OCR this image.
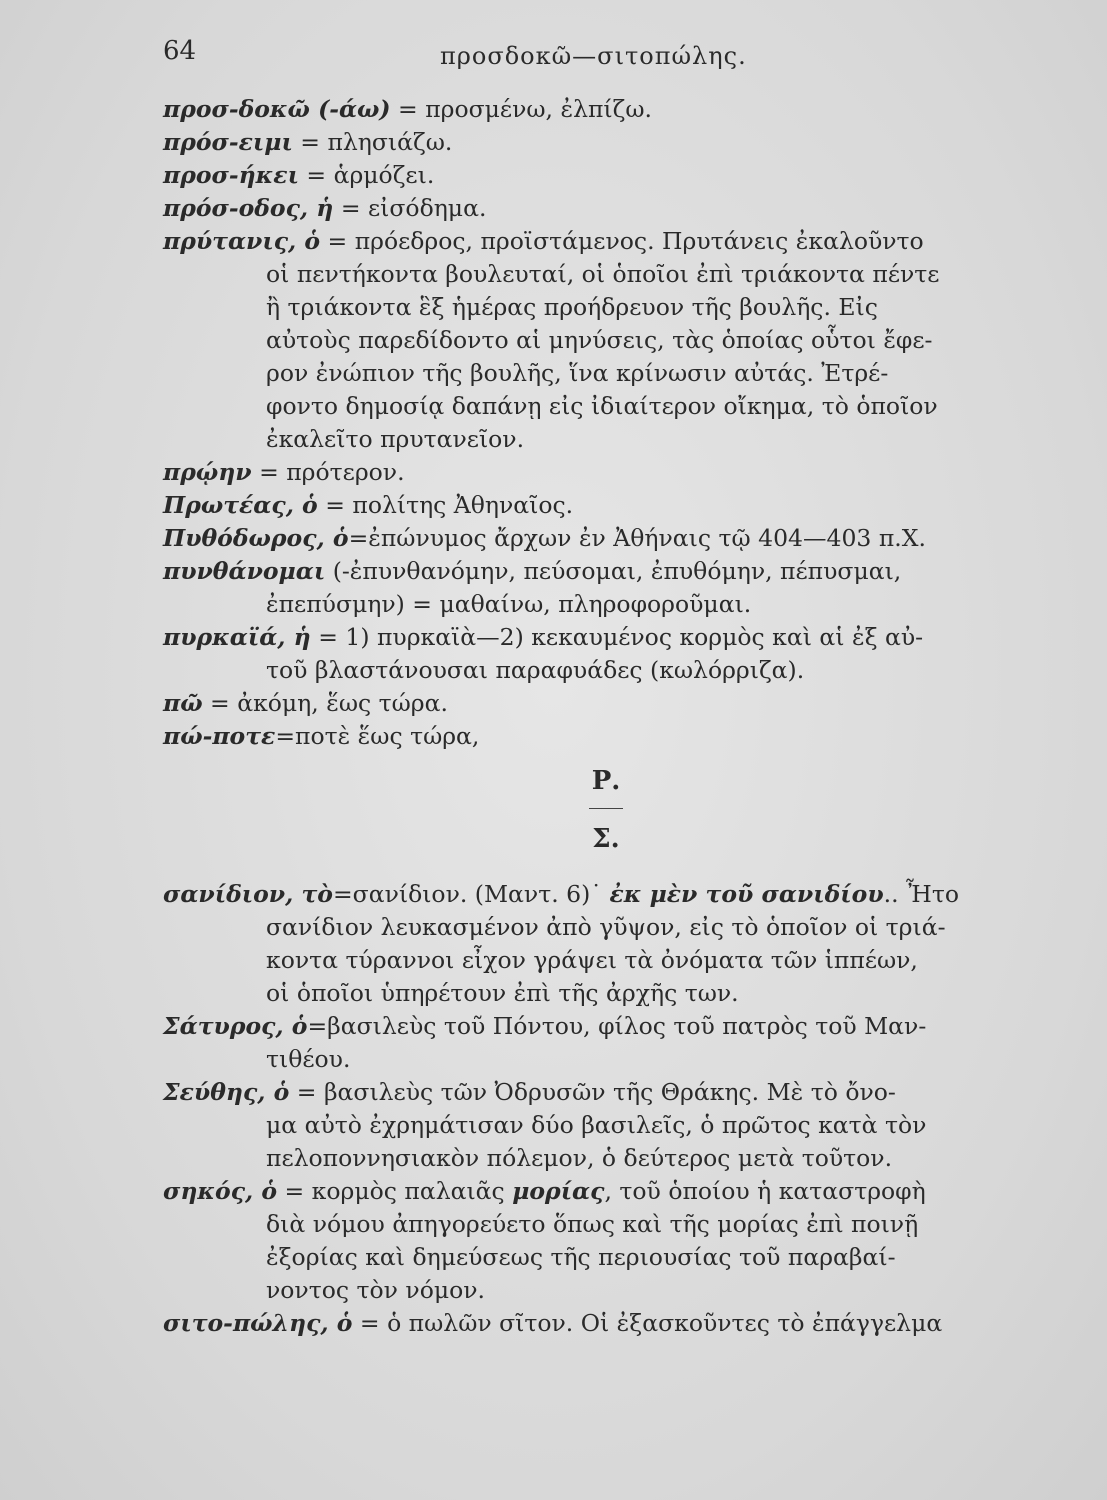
64	προσδοκῶ—σιτοπώλης.
προσ-δοκῶ (-άω) = προσμένω, ἐλπίζω.
πρόσ-ειμι = πλησιάζω.
προσ-ήκει = ἁρμόζει.
πρόσ-οδος, ἡ = εἰσόδημα.
πρύτανις, ὁ = πρόεδρος, προϊστάμενος. Πρυτάνεις ἐκαλοῦντο
οἱ πεντήκοντα βουλευταί, οἱ ὁποῖοι ἐπὶ τριάκοντα πέντε
ἢ τριάκοντα ἓξ ἡμέρας προήδρευον τῆς βουλῆς. Εἰς
αὐτοὺς παρεδίδοντο αἱ μηνύσεις, τὰς ὁποίας οὗτοι ἔφε-
ρον ἐνώπιον τῆς βουλῆς, ἵνα κρίνωσιν αὐτάς. Ἐτρέ-
φοντο δημοσίᾳ δαπάνῃ εἰς ἰδιαίτερον οἴκημα, τὸ ὁποῖον
ἐκαλεῖτο πρυτανεῖον.
πρῴην = πρότερον.
Πρωτέας, ὁ = πολίτης Ἀθηναῖος.
Πυθόδωρος, ὁ=ἐπώνυμος ἄρχων ἐν Ἀθήναις τῷ 404—403 π.Χ.
πυνθάνομαι (-ἐπυνθανόμην, πεύσομαι, ἐπυθόμην, πέπυσμαι,
ἐπεπύσμην) = μαθαίνω, πληροφοροῦμαι.
πυρκαϊά, ἡ = 1) πυρκαϊὰ—2) κεκαυμένος κορμὸς καὶ αἱ ἐξ αὐ-
τοῦ βλαστάνουσαι παραφυάδες (κωλόρριζα).
πῶ = ἀκόμη, ἕως τώρα.
πώ-ποτε=ποτὲ ἕως τώρα,
Ρ.
Σ.
σανίδιον, τὸ=σανίδιον. (Μαντ. 6)˙ ἐκ μὲν τοῦ σανιδίου.. Ἦτο
σανίδιον λευκασμένον ἀπὸ γῦψον, εἰς τὸ ὁποῖον οἱ τριά-
κοντα τύραννοι εἶχον γράψει τὰ ὀνόματα τῶν ἱππέων,
οἱ ὁποῖοι ὑπηρέτουν ἐπὶ τῆς ἀρχῆς των.
Σάτυρος, ὁ=βασιλεὺς τοῦ Πόντου, φίλος τοῦ πατρὸς τοῦ Μαν-
τιθέου.
Σεύθης, ὁ = βασιλεὺς τῶν Ὀδρυσῶν τῆς Θράκης. Μὲ τὸ ὄνο-
μα αὐτὸ ἐχρημάτισαν δύο βασιλεῖς, ὁ πρῶτος κατὰ τὸν
πελοποννησιακὸν πόλεμον, ὁ δεύτερος μετὰ τοῦτον.
σηκός, ὁ = κορμὸς παλαιᾶς μορίας, τοῦ ὁποίου ἡ καταστροφὴ
διὰ νόμου ἀπηγορεύετο ὅπως καὶ τῆς μορίας ἐπὶ ποινῇ
ἐξορίας καὶ δημεύσεως τῆς περιουσίας τοῦ παραβαί-
νοντος τὸν νόμον.
σιτο-πώλης, ὁ = ὁ πωλῶν σῖτον. Οἱ ἐξασκοῦντες τὸ ἐπάγγελμα
